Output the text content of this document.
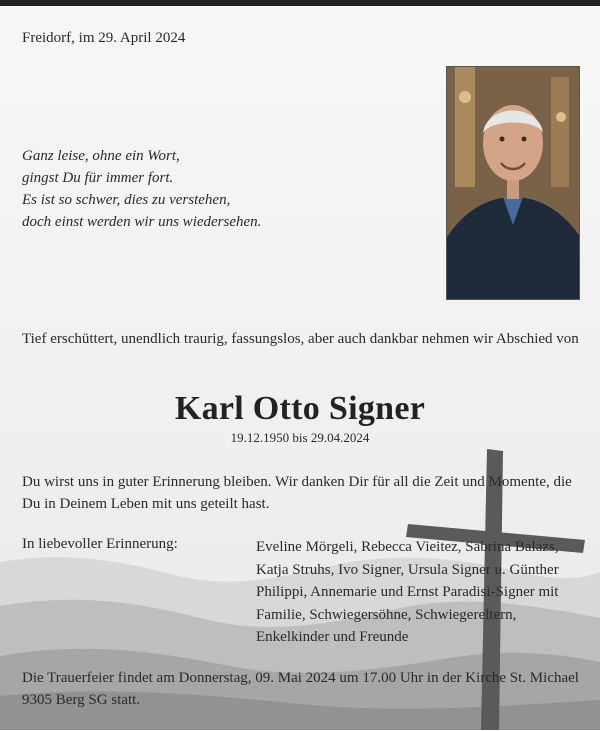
Freidorf, im 29. April 2024

Ganz leise, ohne ein Wort,
gingst Du für immer fort.
Es ist so schwer, dies zu verstehen,
doch einst werden wir uns wiedersehen.

Tief erschüttert, unendlich traurig, fassungslos, aber auch dankbar nehmen wir Abschied von

Karl Otto Signer

19.12.1950 bis 29.04.2024

Du wirst uns in guter Erinnerung bleiben. Wir danken Dir für all die Zeit und Momente, die Du in Deinem Leben mit uns geteilt hast.

In liebevoller Erinnerung:	Eveline Mörgeli, Rebecca Vieitez, Sabrina Balazs, Katja Struhs, Ivo Signer, Ursula Signer u. Günther Philippi, Annemarie und Ernst Paradisi-Signer mit Familie, Schwiegersöhne, Schwiegereltern, Enkelkinder und Freunde

Die Trauerfeier findet am Donnerstag, 09. Mai 2024 um 17.00 Uhr in der Kirche St. Michael 9305 Berg SG statt.
